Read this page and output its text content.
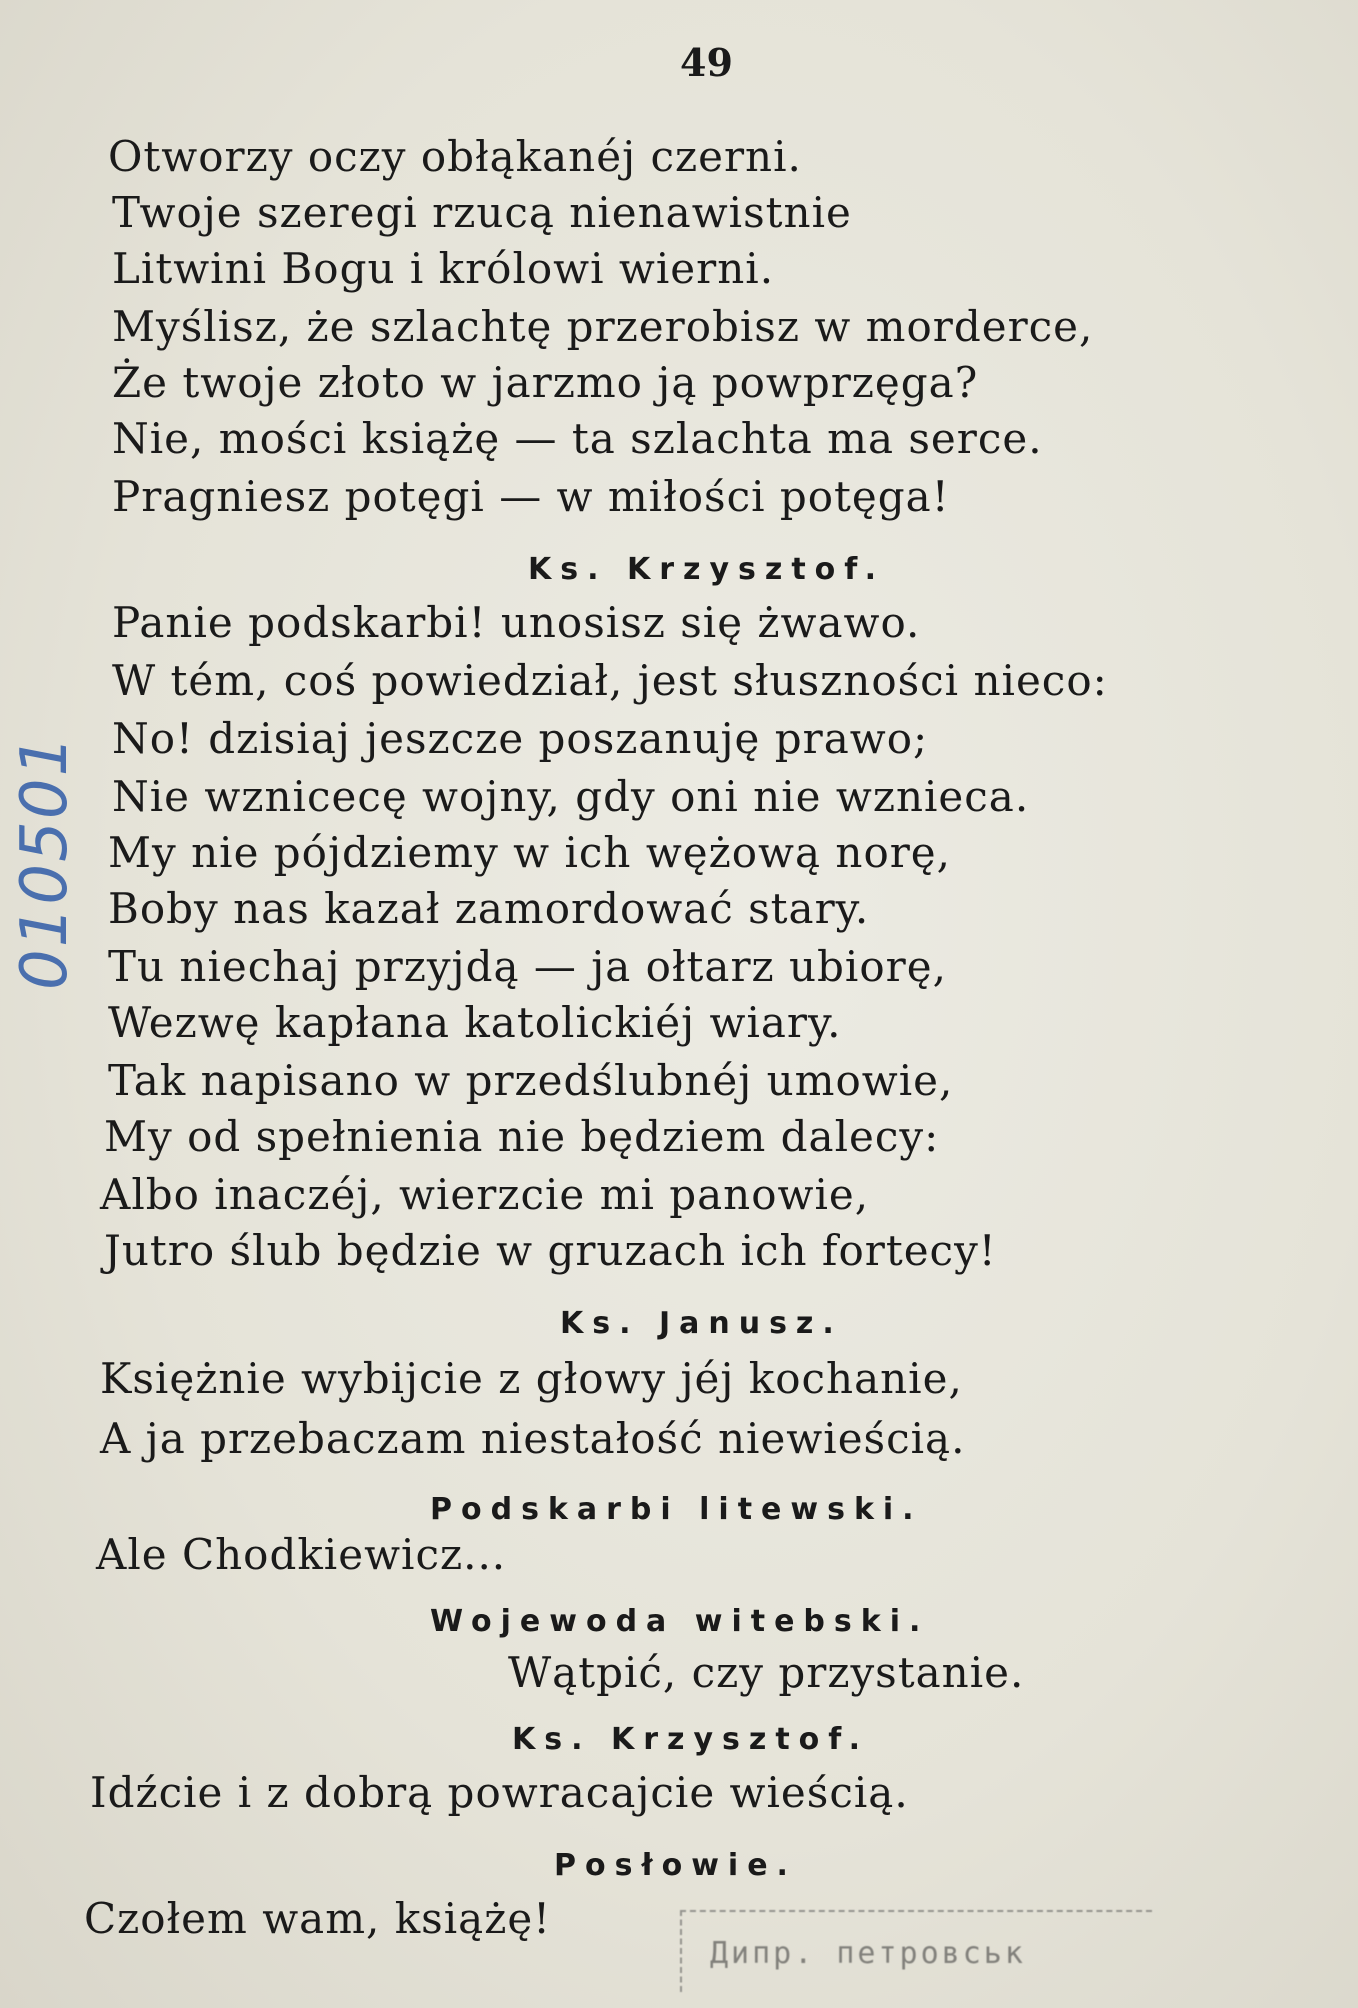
49
Otworzy oczy obłąkanéj czerni.
Twoje szeregi rzucą nienawistnie
Litwini Bogu i królowi wierni.
Myślisz, że szlachtę przerobisz w morderce,
Że twoje złoto w jarzmo ją powprzęga?
Nie, mości książę — ta szlachta ma serce.
Pragniesz potęgi — w miłości potęga!
Ks. Krzysztof.
Panie podskarbi! unosisz się żwawo.
W tém, coś powiedział, jest słuszności nieco:
No! dzisiaj jeszcze poszanuję prawo;
Nie wznicecę wojny, gdy oni nie wznieca.
My nie pójdziemy w ich wężową norę,
Boby nas kazał zamordować stary.
Tu niechaj przyjdą — ja ołtarz ubiorę,
Wezwę kapłana katolickiéj wiary.
Tak napisano w przedślubnéj umowie,
My od spełnienia nie będziem dalecy:
Albo inaczéj, wierzcie mi panowie,
Jutro ślub będzie w gruzach ich fortecy!
Ks. Janusz.
Księżnie wybijcie z głowy jéj kochanie,
A ja przebaczam niestałość niewieścią.
Podskarbi litewski.
Ale Chodkiewicz...
Wojewoda witebski.
Wątpić, czy przystanie.
Ks. Krzysztof.
Idźcie i z dobrą powracajcie wieścią.
Posłowie.
Czołem wam, książę!
010501
Дипр. петровськ
